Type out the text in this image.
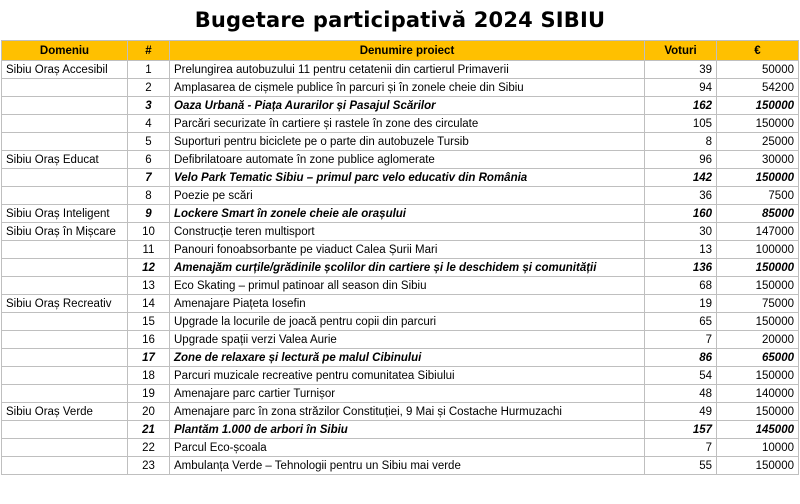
Bugetare participativă 2024 SIBIU
Domeniu	#	Denumire proiect	Voturi	€
Sibiu Oraș Accesibil	1	Prelungirea autobuzului 11 pentru cetatenii din cartierul Primaverii	39	50000
	2	Amplasarea de cișmele publice în parcuri și în zonele cheie din Sibiu	94	54200
	3	Oaza Urbană - Piața Aurarilor și Pasajul Scărilor	162	150000
	4	Parcări securizate în cartiere și rastele în zone des circulate	105	150000
	5	Suporturi pentru biciclete pe o parte din autobuzele Tursib	8	25000
Sibiu Oraș Educat	6	Defibrilatoare automate în zone publice aglomerate	96	30000
	7	Velo Park Tematic Sibiu – primul parc velo educativ din România	142	150000
	8	Poezie pe scări	36	7500
Sibiu Oraș Inteligent	9	Lockere Smart în zonele cheie ale orașului	160	85000
Sibiu Oraș în Mișcare	10	Construcție teren multisport	30	147000
	11	Panouri fonoabsorbante pe viaduct Calea Șurii Mari	13	100000
	12	Amenajăm curțile/grădinile școlilor din cartiere și le deschidem și comunității	136	150000
	13	Eco Skating – primul patinoar all season din Sibiu	68	150000
Sibiu Oraș Recreativ	14	Amenajare Piațeta Iosefin	19	75000
	15	Upgrade la locurile de joacă pentru copii din parcuri	65	150000
	16	Upgrade spații verzi Valea Aurie	7	20000
	17	Zone de relaxare și lectură pe malul Cibinului	86	65000
	18	Parcuri muzicale recreative pentru comunitatea Sibiului	54	150000
	19	Amenajare parc cartier Turnișor	48	140000
Sibiu Oraș Verde	20	Amenajare parc în zona străzilor Constituției, 9 Mai și Costache Hurmuzachi	49	150000
	21	Plantăm 1.000 de arbori în Sibiu	157	145000
	22	Parcul Eco-școala	7	10000
	23	Ambulanța Verde – Tehnologii pentru un Sibiu mai verde	55	150000
